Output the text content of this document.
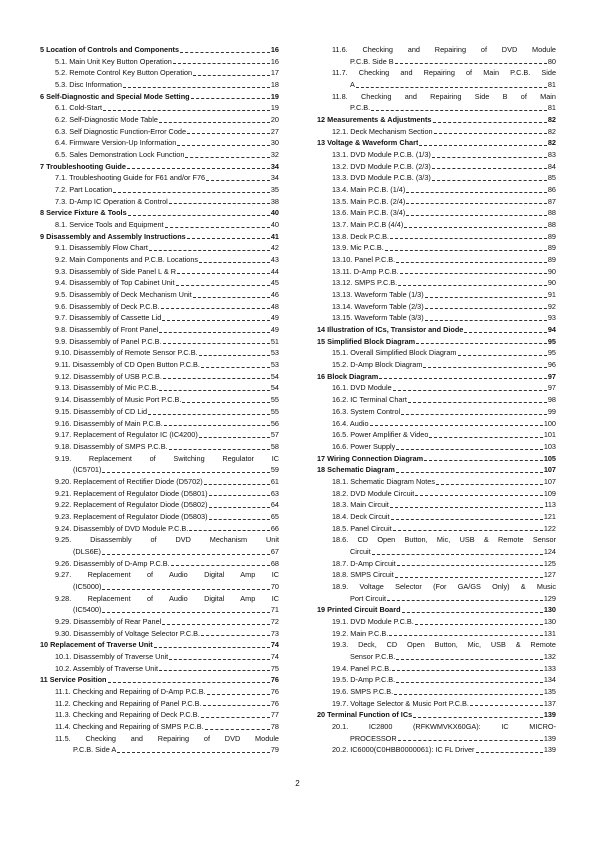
5 Location of Controls and Components	16
5.1. Main Unit Key Button Operation	16
5.2. Remote Control Key Button Operation	17
5.3. Disc Information	18
6 Self-Diagnostic and Special Mode Setting	19
6.1. Cold-Start	19
6.2. Self-Diagnostic Mode Table	20
6.3. Self Diagnostic Function-Error Code	27
6.4. Firmware Version-Up Information	30
6.5. Sales Demonstration Lock Function	32
7 Troubleshooting Guide	34
7.1. Troubleshooting Guide for F61 and/or F76	34
7.2. Part Location	35
7.3. D-Amp IC Operation & Control	38
8 Service Fixture & Tools	40
8.1. Service Tools and Equipment	40
9 Disassembly and Assembly Instructions	41
9.1. Disassembly Flow Chart	42
9.2. Main Components and P.C.B. Locations	43
9.3. Disassembly of Side Panel L & R	44
9.4. Disassembly of Top Cabinet Unit	45
9.5. Disassembly of Deck Mechanism Unit	46
9.6. Disassembly of Deck P.C.B.	48
9.7. Disassembly of Cassette Lid	49
9.8. Disassembly of Front Panel	49
9.9. Disassembly of Panel P.C.B.	51
9.10. Disassembly of Remote Sensor P.C.B.	53
9.11. Disassembly of CD Open Button P.C.B.	53
9.12. Disassembly of USB P.C.B.	54
9.13. Disassembly of Mic P.C.B.	54
9.14. Disassembly of Music Port P.C.B.	55
9.15. Disassembly of CD Lid	55
9.16. Disassembly of Main P.C.B.	56
9.17. Replacement of Regulator IC (IC4200)	57
9.18. Disassembly of SMPS P.C.B.	58
9.19. Replacement of Switching Regulator IC
(IC5701)	59
9.20. Replacement of Rectifier Diode (D5702)	61
9.21. Replacement of Regulator Diode (D5801)	63
9.22. Replacement of Regulator Diode (D5802)	64
9.23. Replacement of Regulator Diode (D5803)	65
9.24. Disassembly of DVD Module P.C.B.	66
9.25. Disassembly of DVD Mechanism Unit
(DLS6E)	67
9.26. Disassembly of D-Amp P.C.B.	68
9.27. Replacement of Audio Digital Amp IC
(IC5000)	70
9.28. Replacement of Audio Digital Amp IC
(IC5400)	71
9.29. Disassembly of Rear Panel	72
9.30. Disassembly of Voltage Selector P.C.B.	73
10 Replacement of Traverse Unit	74
10.1. Disassembly of Traverse Unit	74
10.2. Assembly of Traverse Unit	75
11 Service Position	76
11.1. Checking and Repairing of D-Amp P.C.B.	76
11.2. Checking and Repairing of Panel P.C.B.	76
11.3. Checking and Repairing of Deck P.C.B.	77
11.4. Checking and Repairing of SMPS P.C.B.	78
11.5. Checking and Repairing of DVD Module
P.C.B. Side A	79
11.6. Checking and Repairing of DVD Module
P.C.B. Side B	80
11.7. Checking and Repairing of Main P.C.B. Side
A	81
11.8. Checking and Repairing Side B of Main
P.C.B.	81
12 Measurements & Adjustments	82
12.1. Deck Mechanism Section	82
13 Voltage & Waveform Chart	82
13.1. DVD Module P.C.B. (1/3)	83
13.2. DVD Module P.C.B. (2/3)	84
13.3. DVD Module P.C.B. (3/3)	85
13.4. Main P.C.B. (1/4)	86
13.5. Main P.C.B. (2/4)	87
13.6. Main P.C.B. (3/4)	88
13.7. Main P.C.B (4/4)	88
13.8. Deck P.C.B.	89
13.9. Mic P.C.B.	89
13.10. Panel P.C.B.	89
13.11. D-Amp P.C.B.	90
13.12. SMPS P.C.B.	90
13.13. Waveform Table (1/3)	91
13.14. Waveform Table (2/3)	92
13.15. Waveform Table (3/3)	93
14 Illustration of ICs, Transistor and Diode	94
15 Simplified Block Diagram	95
15.1. Overall Simplified Block Diagram	95
15.2. D-Amp Block Diagram	96
16 Block Diagram	97
16.1. DVD Module	97
16.2. IC Terminal Chart	98
16.3. System Control	99
16.4. Audio	100
16.5. Power Amplifier & Video	101
16.6. Power Supply	103
17 Wiring Connection Diagram	105
18 Schematic Diagram	107
18.1. Schematic Diagram Notes	107
18.2. DVD Module Circuit	109
18.3. Main Circuit	113
18.4. Deck Circuit	121
18.5. Panel Circuit	122
18.6. CD Open Button, Mic, USB & Remote Sensor
Circuit	124
18.7. D-Amp Circuit	125
18.8. SMPS Circuit	127
18.9. Voltage Selector (For GA/GS Only) & Music
Port Circuit	129
19 Printed Circuit Board	130
19.1. DVD Module P.C.B.	130
19.2. Main P.C.B.	131
19.3. Deck, CD Open Button, Mic, USB & Remote
Sensor P.C.B.	132
19.4. Panel P.C.B.	133
19.5. D-Amp P.C.B.	134
19.6. SMPS P.C.B.	135
19.7. Voltage Selector & Music Port P.C.B.	137
20 Terminal Function of ICs	139
20.1. IC2800 (RFKWMVKX60GA): IC MICRO-
PROCESSOR	139
20.2. IC6000(C0HBB0000061): IC FL Driver	139
2
